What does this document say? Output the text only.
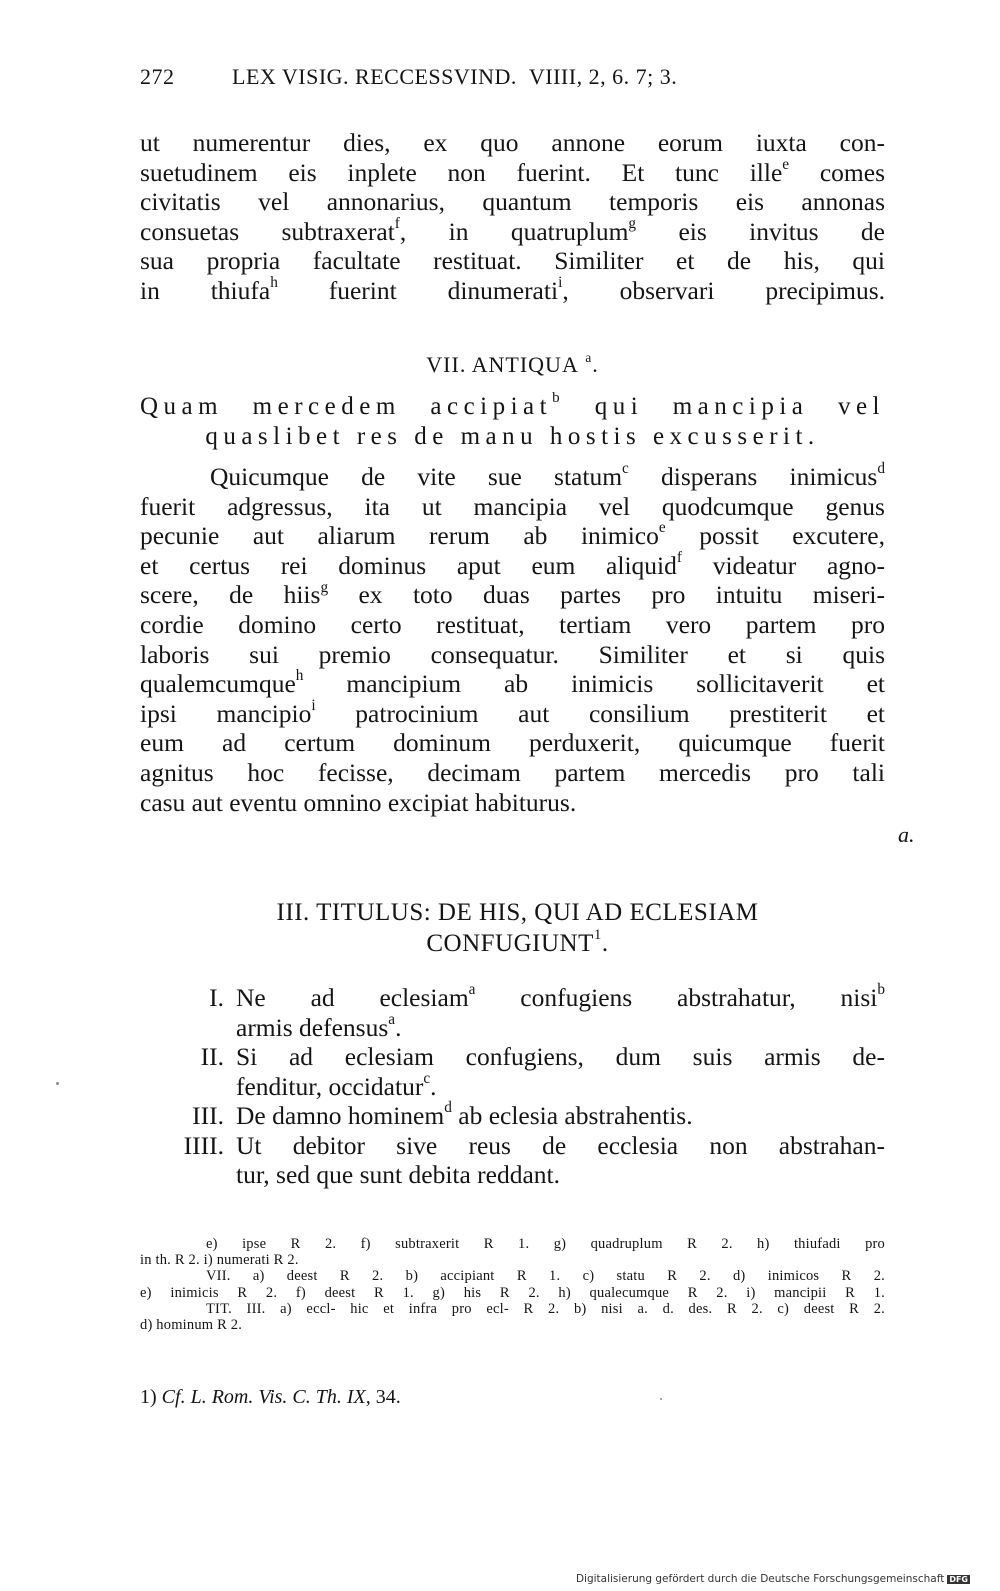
272	LEX VISIG. RECCESSVIND. VIIII, 2, 6. 7; 3.
ut numerentur dies, ex quo annone eorum iuxta con-
suetudinem eis inplete non fuerint. Et tunc ille$^e$ comes
civitatis vel annonarius, quantum temporis eis annonas
consuetas subtraxerat$^f$, in quatruplum$^g$ eis invitus de
sua propria facultate restituat. Similiter et de his, qui
in thiufa$^h$ fuerint dinumerati$^i$, observari precipimus.
VII. ANTIQUA $^a$.
Quam mercedem accipiat$^b$ qui mancipia vel
quaslibet res de manu hostis excusserit.
Quicumque de vite sue statum$^c$ disperans inimicus$^d$
fuerit adgressus, ita ut mancipia vel quodcumque genus
pecunie aut aliarum rerum ab inimico$^e$ possit excutere,
et certus rei dominus aput eum aliquid$^f$ videatur agno-
scere, de hiis$^g$ ex toto duas partes pro intuitu miseri-
cordie domino certo restituat, tertiam vero partem pro
laboris sui premio consequatur. Similiter et si quis
qualemcumque$^h$ mancipium ab inimicis sollicitaverit et
ipsi mancipio$^i$ patrocinium aut consilium prestiterit et
eum ad certum dominum perduxerit, quicumque fuerit
agnitus hoc fecisse, decimam partem mercedis pro tali
casu aut eventu omnino excipiat habiturus.
a.
III. TITULUS: DE HIS, QUI AD ECLESIAM
CONFUGIUNT$^1$.
I. Ne ad eclesiam$^a$ confugiens abstrahatur, nisi$^b$
armis defensus$^a$.
II. Si ad eclesiam confugiens, dum suis armis de-
fenditur, occidatur$^c$.
III. De damno hominem$^d$ ab eclesia abstrahentis.
IIII. Ut debitor sive reus de ecclesia non abstrahan-
tur, sed que sunt debita reddant.
e) ipse R 2. f) subtraxerit R 1. g) quadruplum R 2. h) thiufadi pro
in th. R 2. i) numerati R 2.
VII. a) deest R 2. b) accipiant R 1. c) statu R 2. d) inimicos R 2.
e) inimicis R 2. f) deest R 1. g) his R 2. h) qualecumque R 2. i) mancipii R 1.
TIT. III. a) eccl- hic et infra pro ecl- R 2. b) nisi a. d. des. R 2. c) deest R 2.
d) hominum R 2.
1) Cf. L. Rom. Vis. C. Th. IX, 34.
Digitalisierung gefördert durch die Deutsche Forschungsgemeinschaft DFG
